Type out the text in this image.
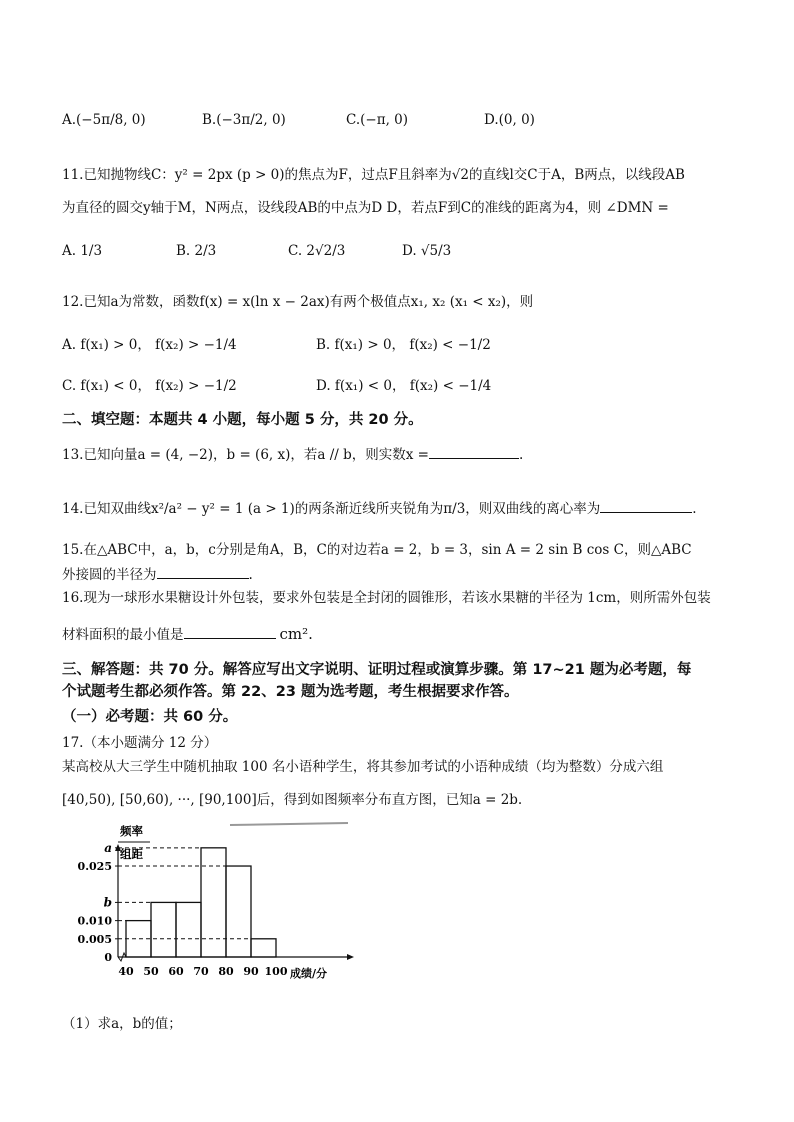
A.(−5π/8, 0)	B.(−3π/2, 0)	C.(−π, 0)	D.(0, 0)
11.已知抛物线C：y² = 2px (p > 0)的焦点为F，过点F且斜率为√2的直线l交C于A，B两点，以线段AB
为直径的圆交y轴于M，N两点，设线段AB的中点为D D，若点F到C的准线的距离为4，则 ∠DMN =
A. 1/3	B. 2/3	C. 2√2/3	D. √5/3
12.已知a为常数，函数f(x) = x(ln x − 2ax)有两个极值点x₁, x₂ (x₁ < x₂)，则
A. f(x₁) > 0， f(x₂) > −1/4	B. f(x₁) > 0， f(x₂) < −1/2
C. f(x₁) < 0， f(x₂) > −1/2	D. f(x₁) < 0， f(x₂) < −1/4
二、填空题：本题共 4 小题，每小题 5 分，共 20 分。
13.已知向量a = (4, −2)，b = (6, x)，若a // b，则实数x =	.
14.已知双曲线x²/a² − y² = 1 (a > 1)的两条渐近线所夹锐角为π/3，则双曲线的离心率为	.
15.在△ABC中，a，b，c分别是角A，B，C的对边若a = 2，b = 3，sin A = 2 sin B cos C，则△ABC
外接圆的半径为	.
16.现为一球形水果糖设计外包装，要求外包装是全封闭的圆锥形，若该水果糖的半径为 1cm，则所需外包装
材料面积的最小值是	cm².
三、解答题：共 70 分。解答应写出文字说明、证明过程或演算步骤。第 17~21 题为必考题，每
个试题考生都必须作答。第 22、23 题为选考题，考生根据要求作答。
（一）必考题：共 60 分。
17.（本小题满分 12 分）
某高校从大三学生中随机抽取 100 名小语种学生，将其参加考试的小语种成绩（均为整数）分成六组
[40,50), [50,60), ···, [90,100]后，得到如图频率分布直方图，已知a = 2b.
频率
组距
0
0.005
0.010
b
0.025
a
40 50 60 70 80 90 100 成绩/分
（1）求a，b的值；
